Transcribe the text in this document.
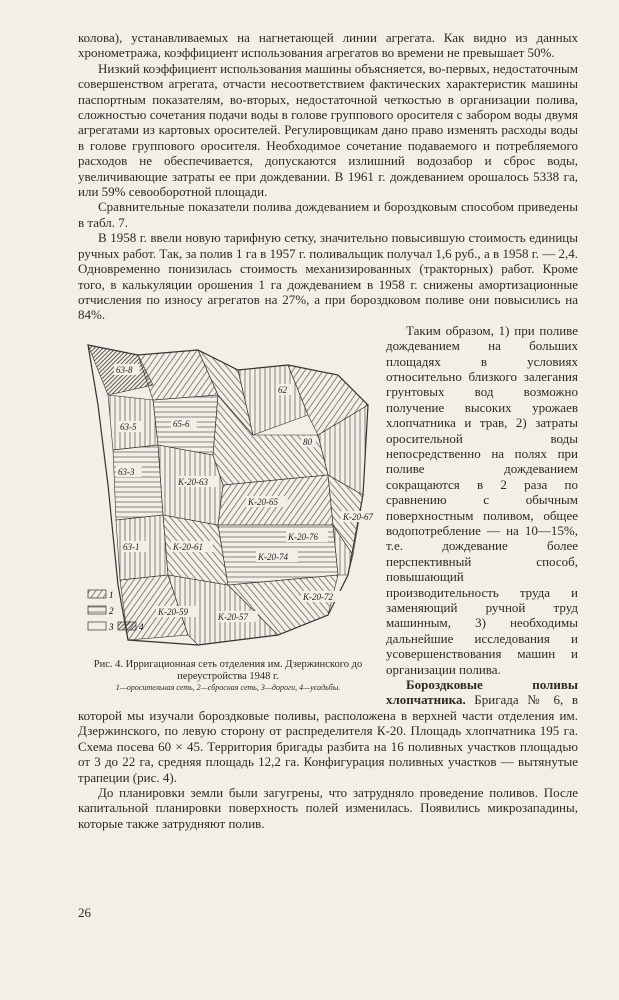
колова), устанавливаемых на нагнетающей линии агрегата. Как видно из данных хронометража, коэффициент использования агрегатов во времени не превышает 50%.

Низкий коэффициент использования машины объясняется, во-первых, недостаточным совершенством агрегата, отчасти несоответствием фактических характеристик машины паспортным показателям, во-вторых, недостаточной четкостью в организации полива, сложностью сочетания подачи воды в голове группового оросителя с забором воды двумя агрегатами из картовых оросителей. Регулировщикам дано право изменять расходы воды в голове группового оросителя. Необходимое сочетание подаваемого и потребляемого расходов не обеспечивается, допускаются излишний водозабор и сброс воды, увеличивающие затраты ее при дождевании. В 1961 г. дождеванием орошалось 5338 га, или 59% севооборотной площади.

Сравнительные показатели полива дождеванием и бороздковым способом приведены в табл. 7.

В 1958 г. ввели новую тарифную сетку, значительно повысившую стоимость единицы ручных работ. Так, за полив 1 га в 1957 г. поливальщик получал 1,6 руб., а в 1958 г. — 2,4. Одновременно понизилась стоимость механизированных (тракторных) работ. Кроме того, в калькуляции орошения 1 га дождеванием в 1958 г. снижены амортизационные отчисления по износу агрегатов на 27%, а при бороздковом поливе они повысились на 84%.

63-8
62
63-5	65-6
63-3
80
K-20-63
K-20-65
63-1
K-20-76
K-20-67
K-20-61
K-20-74
K-20-59
K-20-72
K-20-57
1
2
3	4
Рис. 4. Ирригационная сеть отделения им. Дзержинского до переустройства 1948 г.
1—оросительная сеть, 2—сбросная сеть, 3—дороги, 4—усадьбы.

Таким образом, 1) при поливе дождеванием на больших площадях в условиях относительно близкого залегания грунтовых вод возможно получение высоких урожаев хлопчатника и трав, 2) затраты оросительной воды непосредственно на полях при поливе дождеванием сокращаются в 2 раза по сравнению с обычным поверхностным поливом, общее водопотребление — на 10—15%, т.е. дождевание более перспективный способ, повышающий производительность труда и заменяющий ручной труд машинным, 3) необходимы дальнейшие исследования и усовершенствования машин и организации полива.

Бороздковые поливы хлопчатника. Бригада № 6, в которой мы изучали бороздковые поливы, расположена в верхней части отделения им. Дзержинского, по левую сторону от распределителя К-20. Площадь хлопчатника 195 га. Схема посева 60 × 45. Территория бригады разбита на 16 поливных участков площадью от 3 до 22 га, средняя площадь 12,2 га. Конфигурация поливных участков — вытянутые трапеции (рис. 4).

До планировки земли были загугрены, что затрудняло проведение поливов. После капитальной планировки поверхность полей изменилась. Появились микрозападины, которые также затрудняют полив.

26
